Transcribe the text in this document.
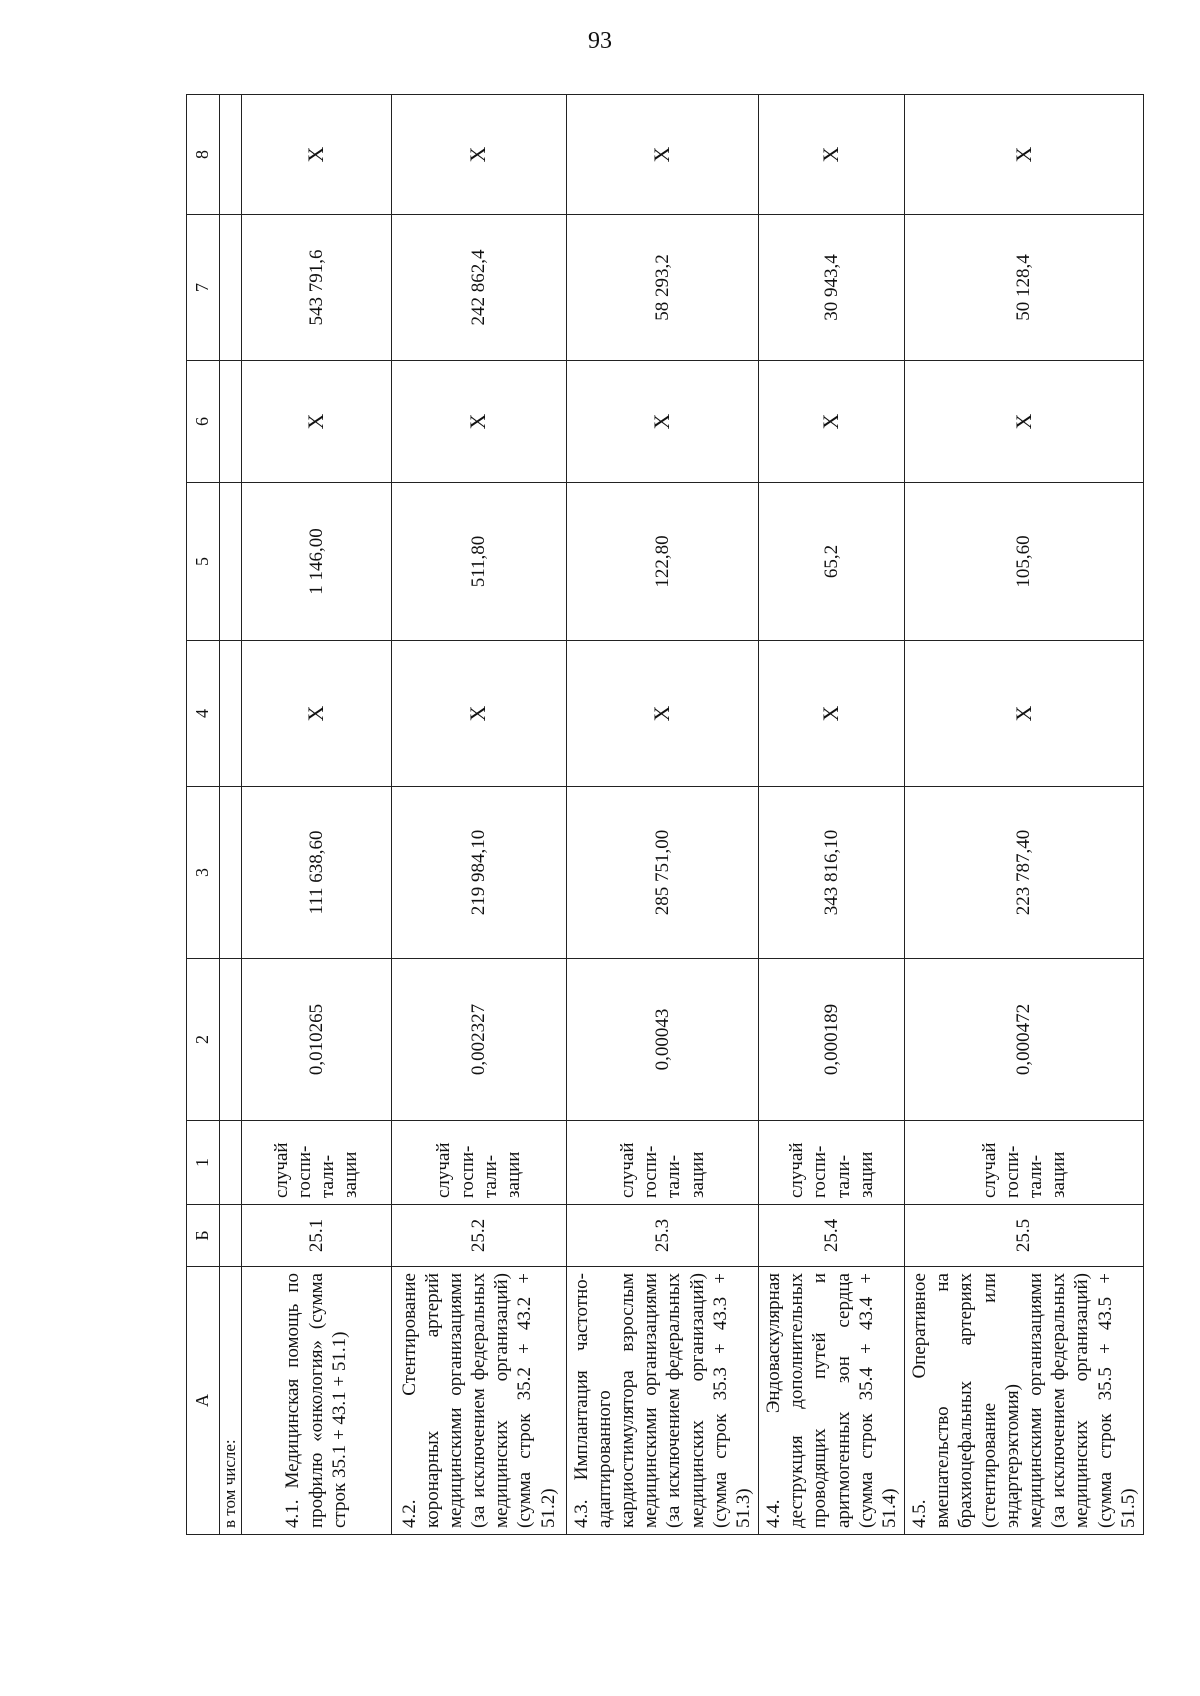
93
А	Б	1	2	3	4	5	6	7	8
в том числе:									
4.1. Медицинская помощь по профилю «онкология» (сумма строк 35.1 + 43.1 + 51.1)	25.1	случай госпи-тали-зации	0,010265	111 638,60	Х	1 146,00	Х	543 791,6	Х
4.2. Стентирование коронарных артерий медицинскими организациями (за исключением федеральных медицинских организаций) (сумма строк 35.2 + 43.2 + 51.2)	25.2	случай госпи-тали-зации	0,002327	219 984,10	Х	511,80	Х	242 862,4	Х
4.3. Имплантация частотно-адаптированного кардиостимулятора взрослым медицинскими организациями (за исключением федеральных медицинских организаций) (сумма строк 35.3 + 43.3 + 51.3)	25.3	случай госпи-тали-зации	0,00043	285 751,00	Х	122,80	Х	58 293,2	Х
4.4. Эндоваскулярная деструкция дополнительных проводящих путей и аритмогенных зон сердца (сумма строк 35.4 + 43.4 + 51.4)	25.4	случай госпи-тали-зации	0,000189	343 816,10	Х	65,2	Х	30 943,4	Х
4.5. Оперативное вмешательство на брахиоцефальных артериях (стентирование или эндартерэктомия) медицинскими организациями (за исключением федеральных медицинских организаций) (сумма строк 35.5 + 43.5 + 51.5)	25.5	случай госпи-тали-зации	0,000472	223 787,40	Х	105,60	Х	50 128,4	Х
